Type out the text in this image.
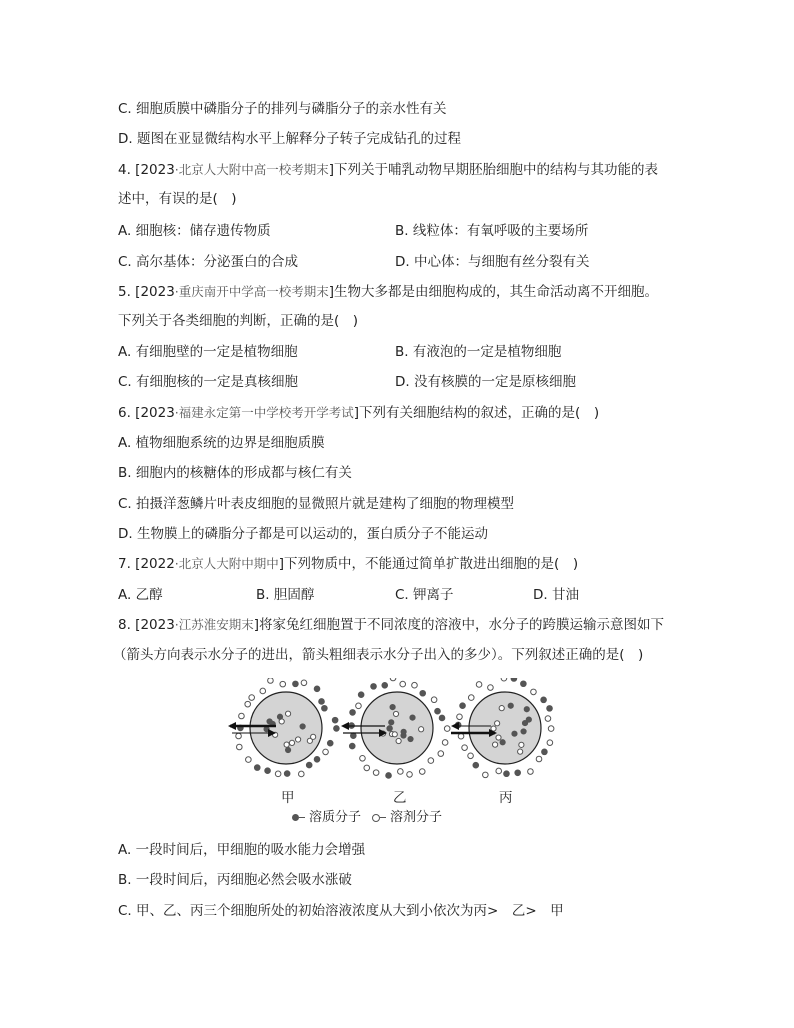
C. 细胞质膜中磷脂分子的排列与磷脂分子的亲水性有关
D. 题图在亚显微结构水平上解释分子转子完成钻孔的过程
4. [2023·北京人大附中高一校考期末]下列关于哺乳动物早期胚胎细胞中的结构与其功能的表
述中，有误的是(　)
A. 细胞核：储存遗传物质	B. 线粒体：有氧呼吸的主要场所
C. 高尔基体：分泌蛋白的合成	D. 中心体：与细胞有丝分裂有关
5. [2023·重庆南开中学高一校考期末]生物大多都是由细胞构成的，其生命活动离不开细胞。
下列关于各类细胞的判断，正确的是(　)
A. 有细胞壁的一定是植物细胞	B. 有液泡的一定是植物细胞
C. 有细胞核的一定是真核细胞	D. 没有核膜的一定是原核细胞
6. [2023·福建永定第一中学校考开学考试]下列有关细胞结构的叙述，正确的是(　)
A. 植物细胞系统的边界是细胞质膜
B. 细胞内的核糖体的形成都与核仁有关
C. 拍摄洋葱鳞片叶表皮细胞的显微照片就是建构了细胞的物理模型
D. 生物膜上的磷脂分子都是可以运动的，蛋白质分子不能运动
7. [2022·北京人大附中期中]下列物质中，不能通过简单扩散进出细胞的是(　)
A. 乙醇	B. 胆固醇	C. 钾离子	D. 甘油
8. [2023·江苏淮安期末]将家兔红细胞置于不同浓度的溶液中，水分子的跨膜运输示意图如下
（箭头方向表示水分子的进出，箭头粗细表示水分子出入的多少）。下列叙述正确的是(　)
甲	乙	丙
溶质分子	溶剂分子
A. 一段时间后，甲细胞的吸水能力会增强
B. 一段时间后，丙细胞必然会吸水涨破
C. 甲、乙、丙三个细胞所处的初始溶液浓度从大到小依次为丙>　乙>　甲
